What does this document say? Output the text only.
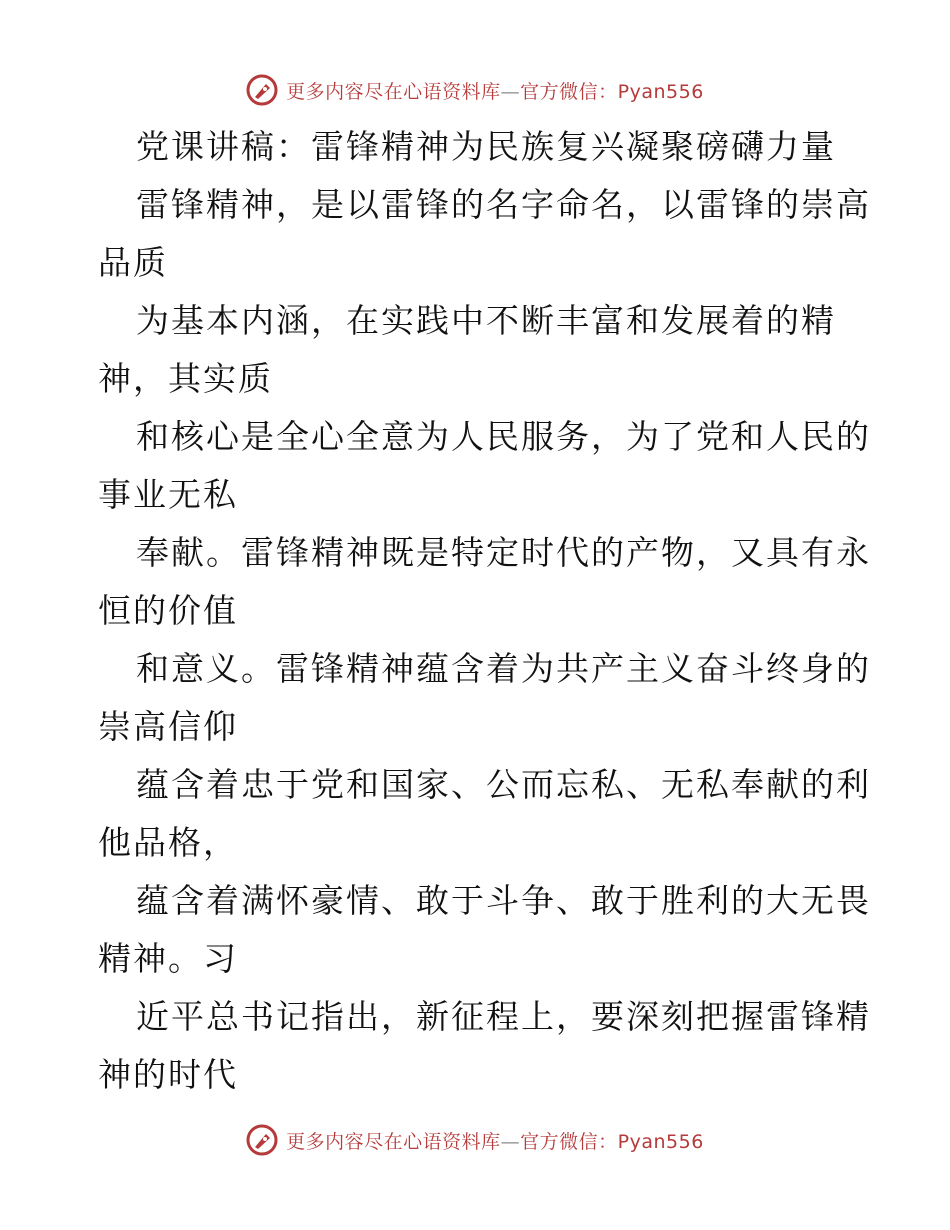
更多内容尽在心语资料库—官方微信：Pyan556
党课讲稿：雷锋精神为民族复兴凝聚磅礴力量
雷锋精神，是以雷锋的名字命名，以雷锋的崇高
品质
为基本内涵，在实践中不断丰富和发展着的精
神，其实质
和核心是全心全意为人民服务，为了党和人民的
事业无私
奉献。雷锋精神既是特定时代的产物，又具有永
恒的价值
和意义。雷锋精神蕴含着为共产主义奋斗终身的
崇高信仰
蕴含着忠于党和国家、公而忘私、无私奉献的利
他品格，
蕴含着满怀豪情、敢于斗争、敢于胜利的大无畏
精神。习
近平总书记指出，新征程上，要深刻把握雷锋精
神的时代
更多内容尽在心语资料库—官方微信：Pyan556
